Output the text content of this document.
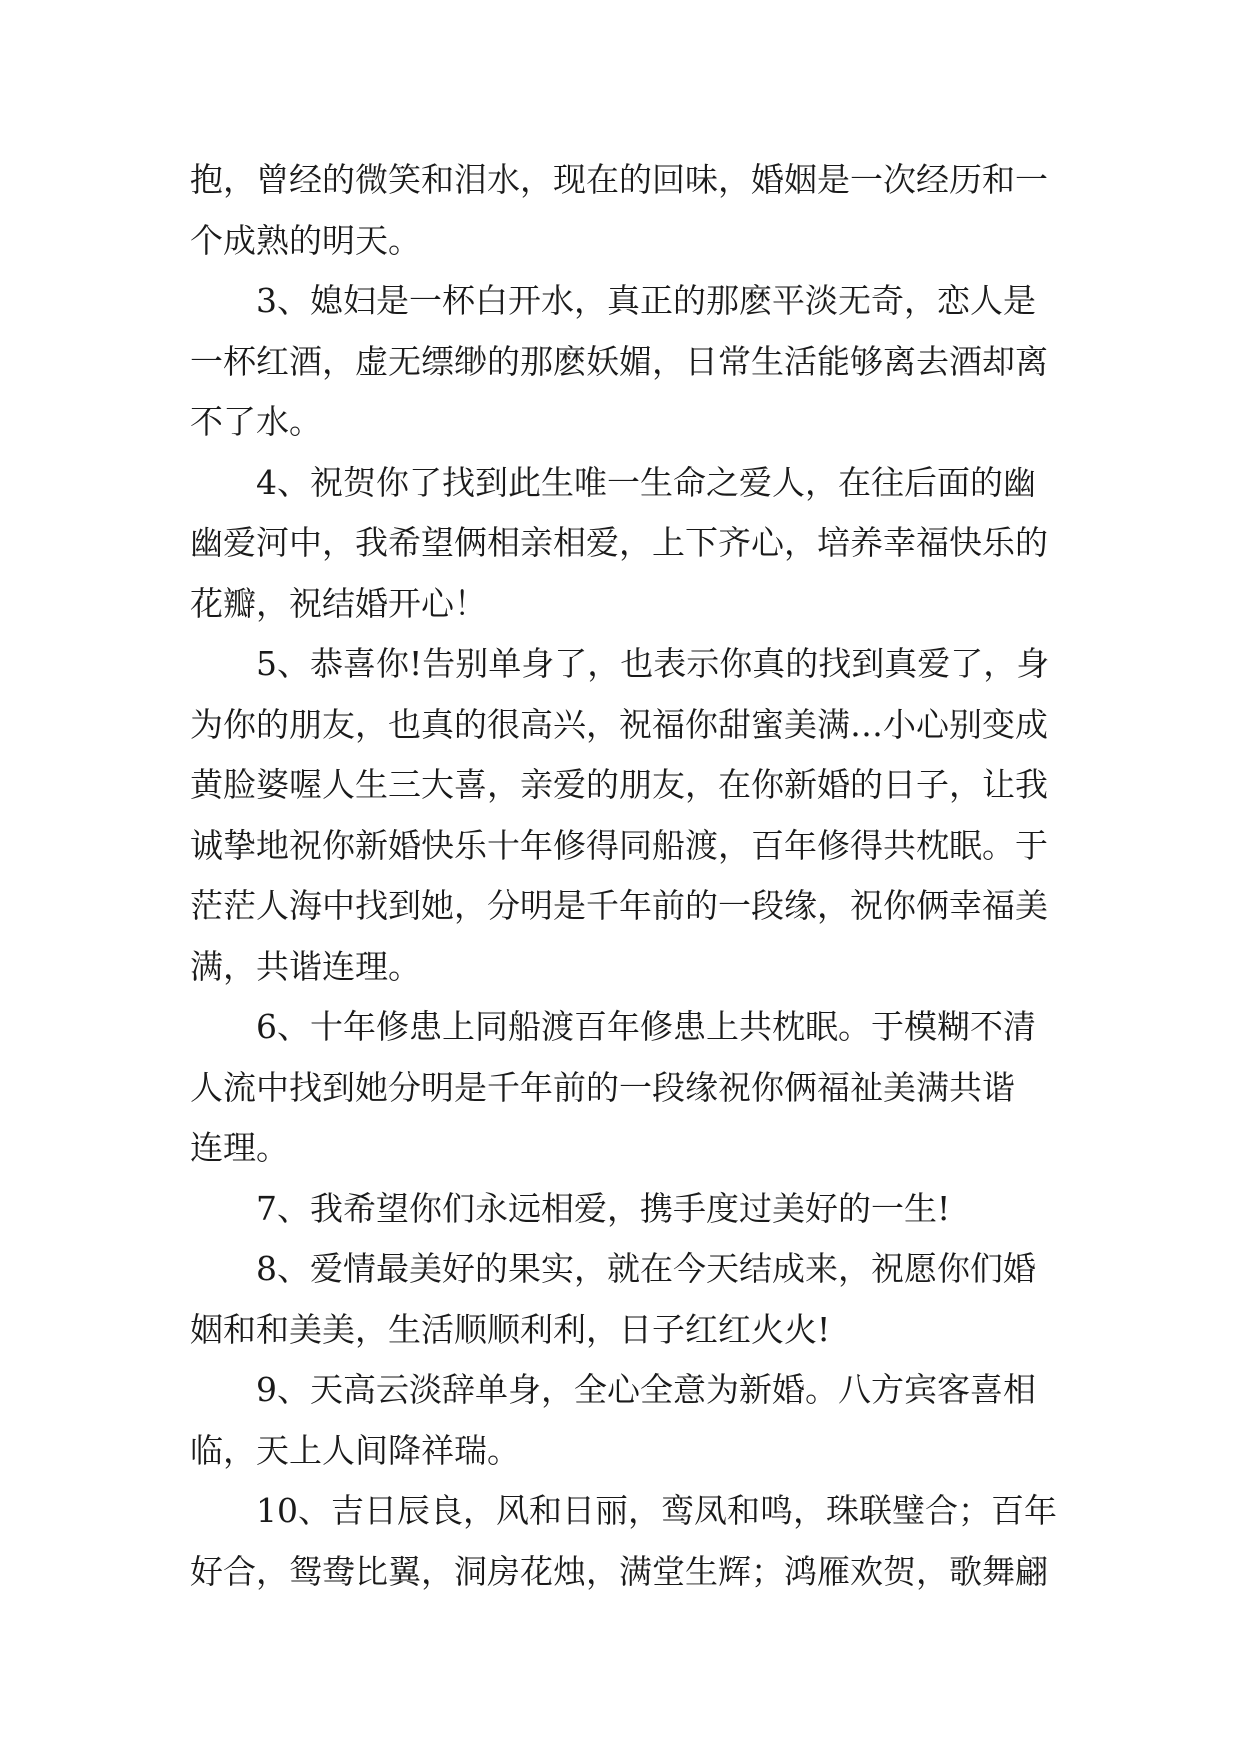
抱，曾经的微笑和泪水，现在的回味，婚姻是一次经历和一
个成熟的明天。
3、媳妇是一杯白开水，真正的那麽平淡无奇，恋人是
一杯红酒，虚无缥缈的那麽妖媚，日常生活能够离去酒却离
不了水。
4、祝贺你了找到此生唯一生命之爱人，在往后面的幽
幽爱河中，我希望俩相亲相爱，上下齐心，培养幸福快乐的
花瓣，祝结婚开心！
5、恭喜你!告别单身了，也表示你真的找到真爱了，身
为你的朋友，也真的很高兴，祝福你甜蜜美满…小心别变成
黄脸婆喔人生三大喜，亲爱的朋友，在你新婚的日子，让我
诚挚地祝你新婚快乐十年修得同船渡，百年修得共枕眠。于
茫茫人海中找到她，分明是千年前的一段缘，祝你俩幸福美
满，共谐连理。
6、十年修患上同船渡百年修患上共枕眠。于模糊不清
人流中找到她分明是千年前的一段缘祝你俩福祉美满共谐
连理。
7、我希望你们永远相爱，携手度过美好的一生!
8、爱情最美好的果实，就在今天结成来，祝愿你们婚
姻和和美美，生活顺顺利利，日子红红火火!
9、天高云淡辞单身，全心全意为新婚。八方宾客喜相
临，天上人间降祥瑞。
10、吉日辰良，风和日丽，鸾凤和鸣，珠联璧合；百年
好合，鸳鸯比翼，洞房花烛，满堂生辉；鸿雁欢贺，歌舞翩
